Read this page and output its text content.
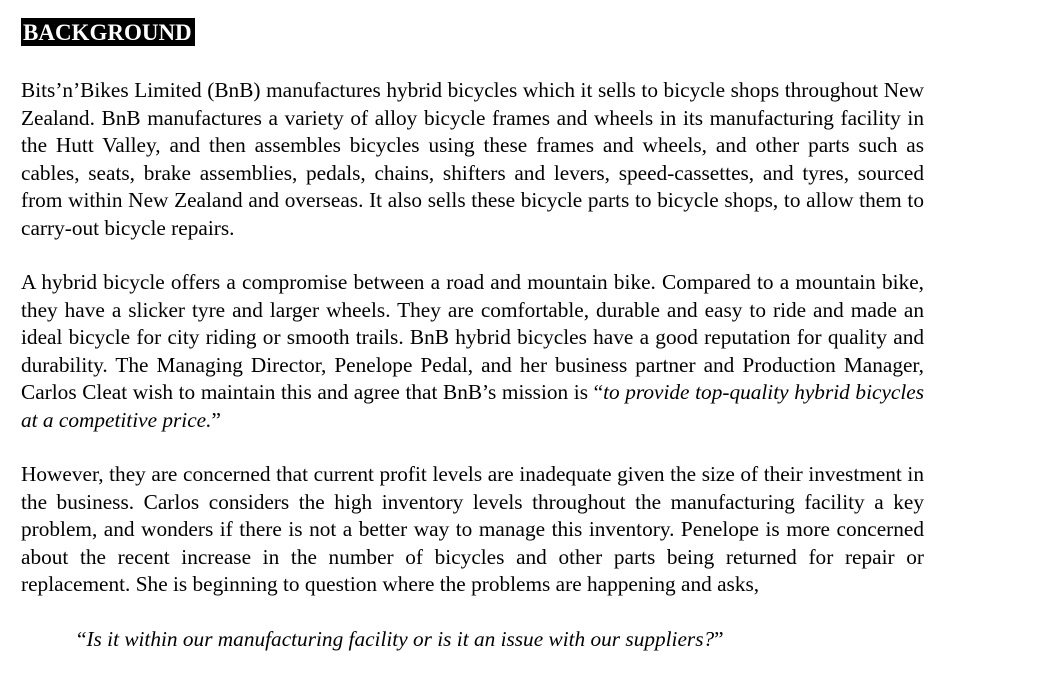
BACKGROUND

Bits’n’Bikes Limited (BnB) manufactures hybrid bicycles which it sells to bicycle shops throughout New Zealand. BnB manufactures a variety of alloy bicycle frames and wheels in its manufacturing facility in the Hutt Valley, and then assembles bicycles using these frames and wheels, and other parts such as cables, seats, brake assemblies, pedals, chains, shifters and levers, speed-cassettes, and tyres, sourced from within New Zealand and overseas. It also sells these bicycle parts to bicycle shops, to allow them to carry-out bicycle repairs.

A hybrid bicycle offers a compromise between a road and mountain bike. Compared to a mountain bike, they have a slicker tyre and larger wheels. They are comfortable, durable and easy to ride and made an ideal bicycle for city riding or smooth trails. BnB hybrid bicycles have a good reputation for quality and durability. The Managing Director, Penelope Pedal, and her business partner and Production Manager, Carlos Cleat wish to maintain this and agree that BnB’s mission is “to provide top-quality hybrid bicycles at a competitive price.”

However, they are concerned that current profit levels are inadequate given the size of their investment in the business. Carlos considers the high inventory levels throughout the manufacturing facility a key problem, and wonders if there is not a better way to manage this inventory. Penelope is more concerned about the recent increase in the number of bicycles and other parts being returned for repair or replacement. She is beginning to question where the problems are happening and asks,

“Is it within our manufacturing facility or is it an issue with our suppliers?”
